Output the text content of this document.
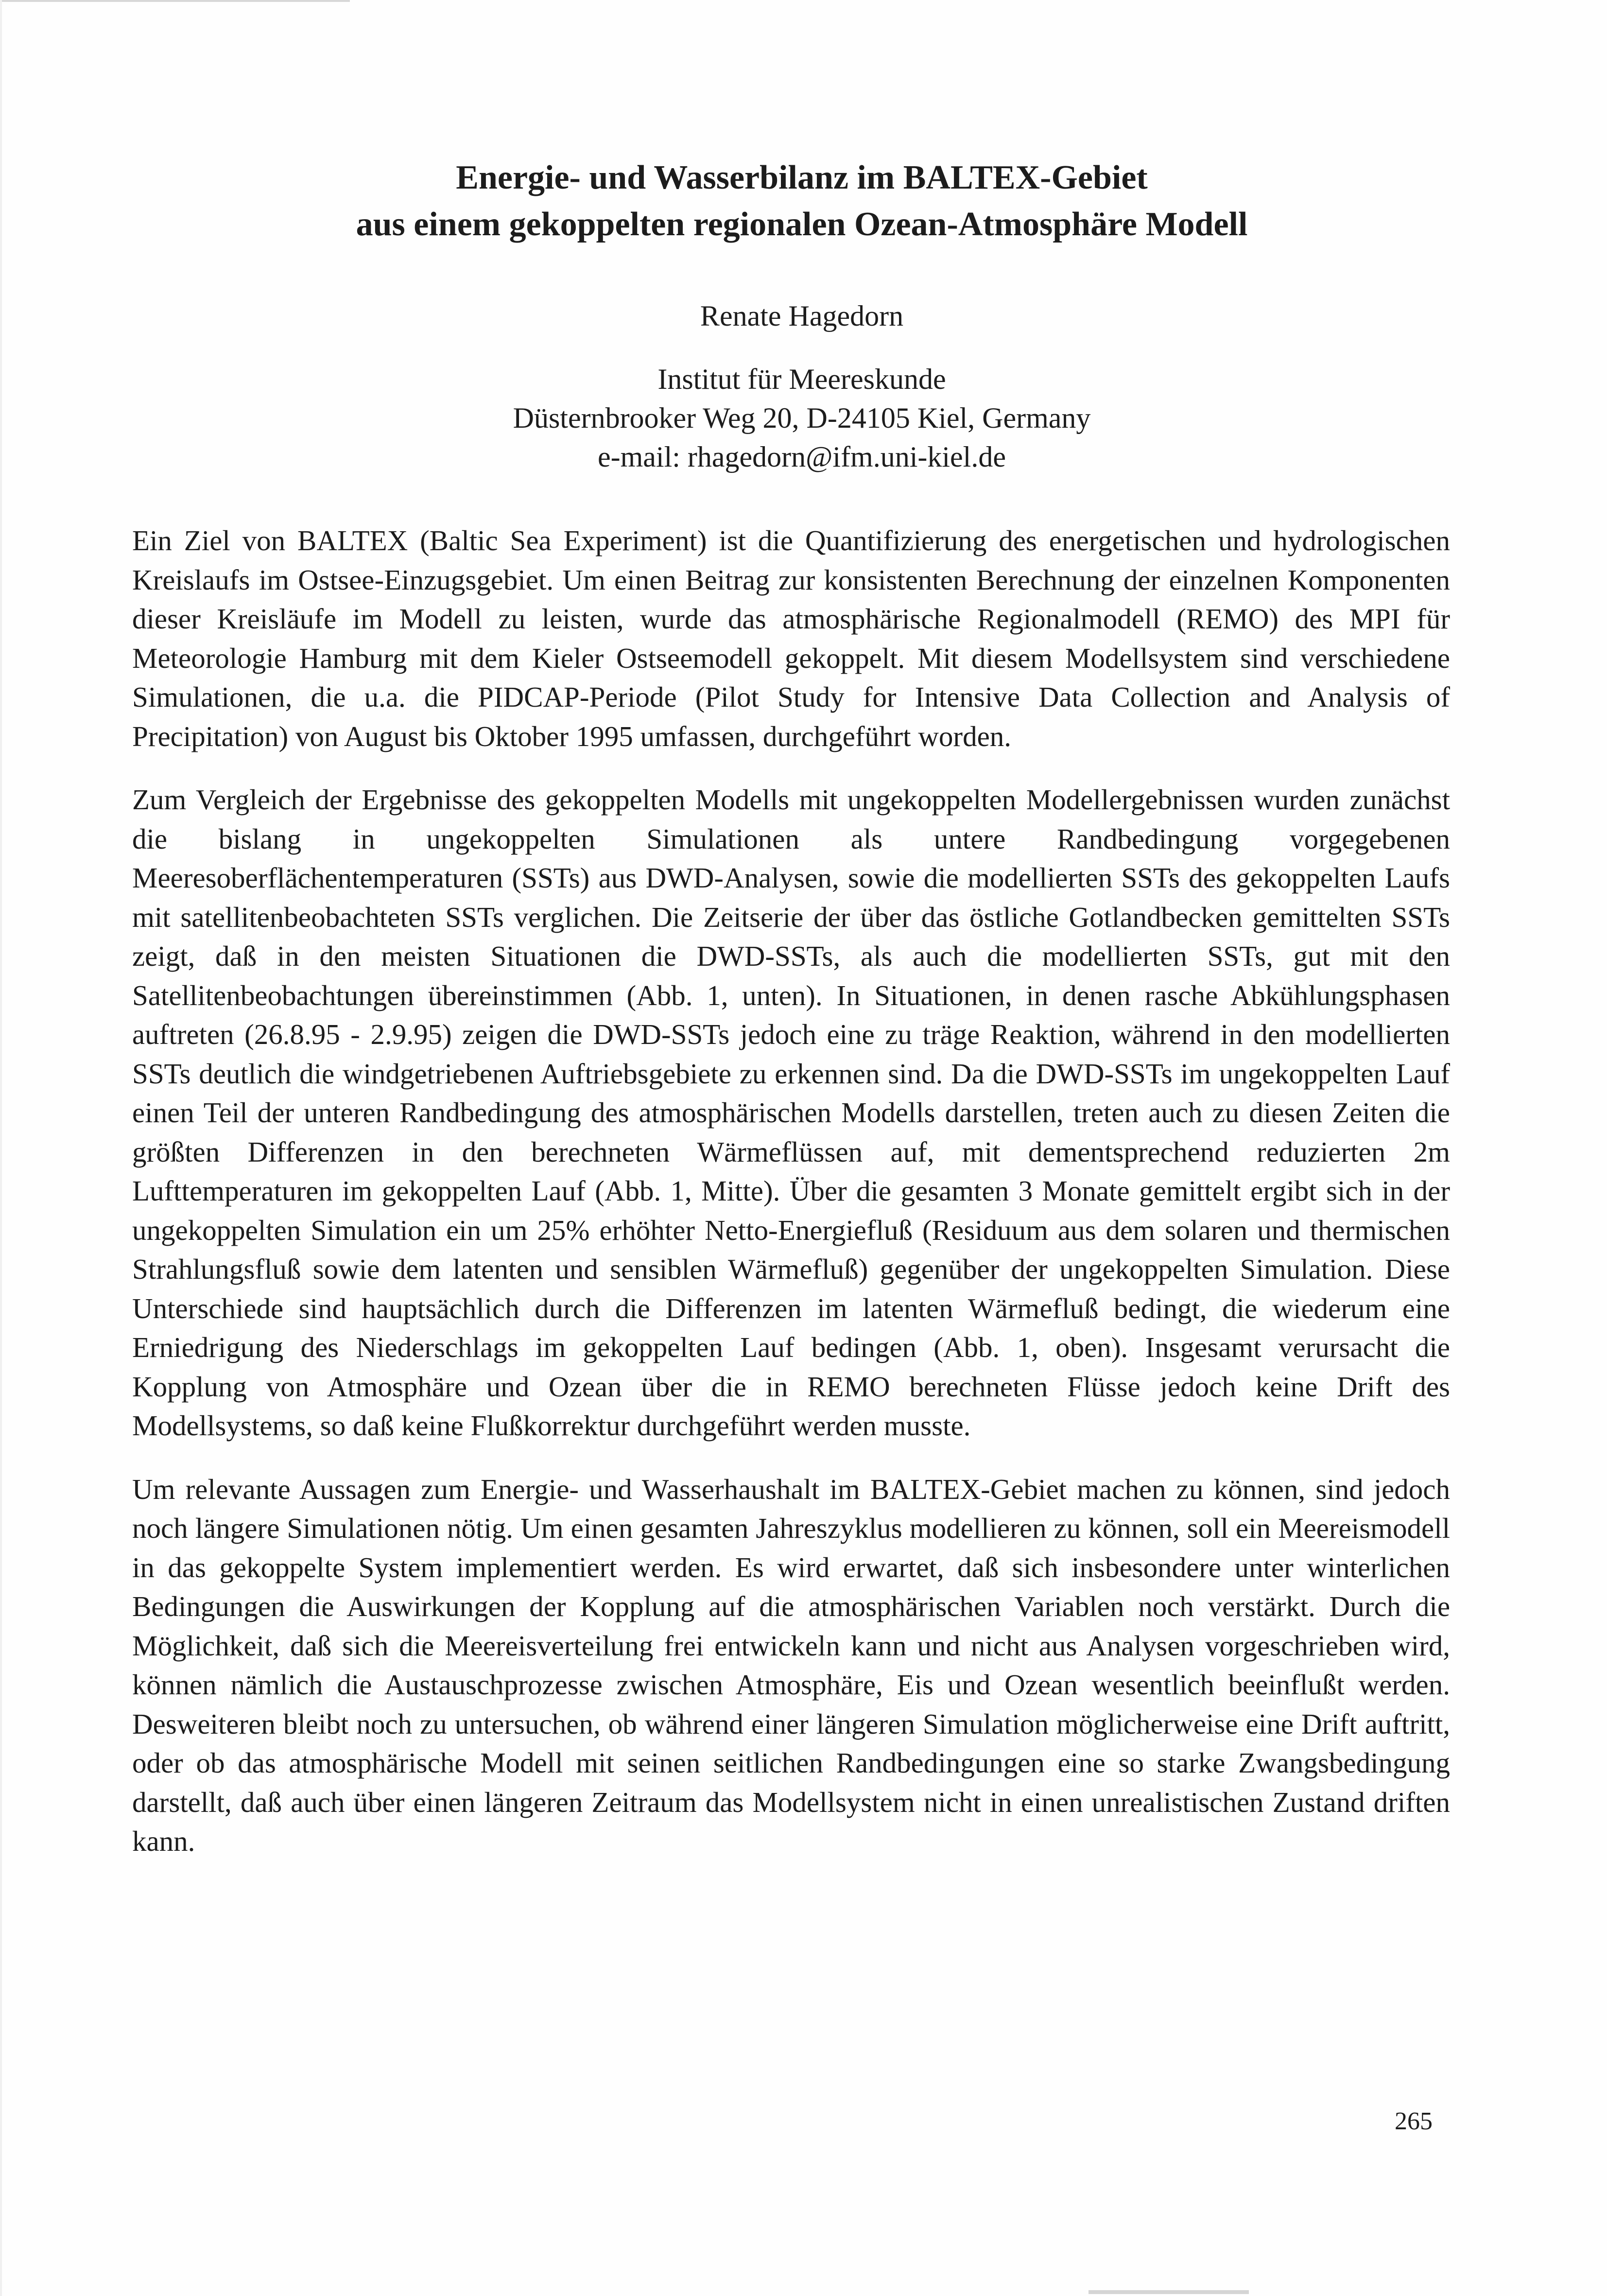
Energie- und Wasserbilanz im BALTEX-Gebiet
aus einem gekoppelten regionalen Ozean-Atmosphäre Modell

Renate Hagedorn

Institut für Meereskunde
Düsternbrooker Weg 20, D-24105 Kiel, Germany
e-mail: rhagedorn@ifm.uni-kiel.de

Ein Ziel von BALTEX (Baltic Sea Experiment) ist die Quantifizierung des energetischen und hydrologischen Kreislaufs im Ostsee-Einzugsgebiet. Um einen Beitrag zur konsistenten Berechnung der einzelnen Komponenten dieser Kreisläufe im Modell zu leisten, wurde das atmosphärische Regionalmodell (REMO) des MPI für Meteorologie Hamburg mit dem Kieler Ostseemodell gekoppelt. Mit diesem Modellsystem sind verschiedene Simulationen, die u.a. die PIDCAP-Periode (Pilot Study for Intensive Data Collection and Analysis of Precipitation) von August bis Oktober 1995 umfassen, durchgeführt worden.

Zum Vergleich der Ergebnisse des gekoppelten Modells mit ungekoppelten Modellergebnissen wurden zunächst die bislang in ungekoppelten Simulationen als untere Randbedingung vorgegebenen Meeresoberflächentemperaturen (SSTs) aus DWD-Analysen, sowie die modellierten SSTs des gekoppelten Laufs mit satellitenbeobachteten SSTs verglichen. Die Zeitserie der über das östliche Gotlandbecken gemittelten SSTs zeigt, daß in den meisten Situationen die DWD-SSTs, als auch die modellierten SSTs, gut mit den Satellitenbeobachtungen übereinstimmen (Abb. 1, unten). In Situationen, in denen rasche Abkühlungsphasen auftreten (26.8.95 - 2.9.95) zeigen die DWD-SSTs jedoch eine zu träge Reaktion, während in den modellierten SSTs deutlich die windgetriebenen Auftriebsgebiete zu erkennen sind. Da die DWD-SSTs im ungekoppelten Lauf einen Teil der unteren Randbedingung des atmosphärischen Modells darstellen, treten auch zu diesen Zeiten die größten Differenzen in den berechneten Wärmeflüssen auf, mit dementsprechend reduzierten 2m Lufttemperaturen im gekoppelten Lauf (Abb. 1, Mitte). Über die gesamten 3 Monate gemittelt ergibt sich in der ungekoppelten Simulation ein um 25% erhöhter Netto-Energiefluß (Residuum aus dem solaren und thermischen Strahlungsfluß sowie dem latenten und sensiblen Wärmefluß) gegenüber der ungekoppelten Simulation. Diese Unterschiede sind hauptsächlich durch die Differenzen im latenten Wärmefluß bedingt, die wiederum eine Erniedrigung des Niederschlags im gekoppelten Lauf bedingen (Abb. 1, oben). Insgesamt verursacht die Kopplung von Atmosphäre und Ozean über die in REMO berechneten Flüsse jedoch keine Drift des Modellsystems, so daß keine Flußkorrektur durchgeführt werden musste.

Um relevante Aussagen zum Energie- und Wasserhaushalt im BALTEX-Gebiet machen zu können, sind jedoch noch längere Simulationen nötig. Um einen gesamten Jahreszyklus modellieren zu können, soll ein Meereismodell in das gekoppelte System implementiert werden. Es wird erwartet, daß sich insbesondere unter winterlichen Bedingungen die Auswirkungen der Kopplung auf die atmosphärischen Variablen noch verstärkt. Durch die Möglichkeit, daß sich die Meereisverteilung frei entwickeln kann und nicht aus Analysen vorgeschrieben wird, können nämlich die Austauschprozesse zwischen Atmosphäre, Eis und Ozean wesentlich beeinflußt werden. Desweiteren bleibt noch zu untersuchen, ob während einer längeren Simulation möglicherweise eine Drift auftritt, oder ob das atmosphärische Modell mit seinen seitlichen Randbedingungen eine so starke Zwangsbedingung darstellt, daß auch über einen längeren Zeitraum das Modellsystem nicht in einen unrealistischen Zustand driften kann.

265
